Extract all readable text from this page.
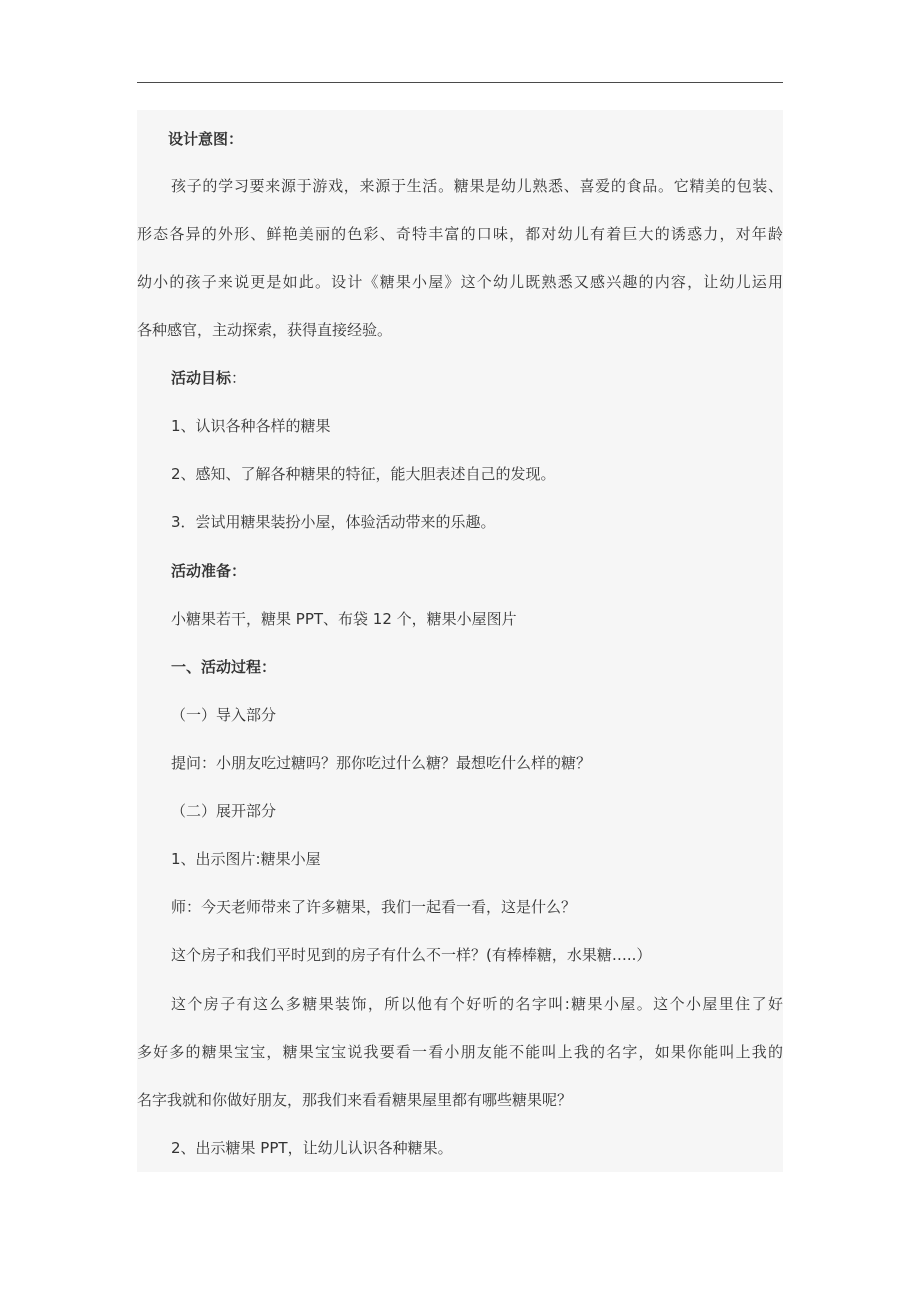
设计意图：
孩子的学习要来源于游戏，来源于生活。糖果是幼儿熟悉、喜爱的食品。它精美的包装、
形态各异的外形、鲜艳美丽的色彩、奇特丰富的口味，都对幼儿有着巨大的诱惑力，对年龄
幼小的孩子来说更是如此。设计《糖果小屋》这个幼儿既熟悉又感兴趣的内容，让幼儿运用
各种感官，主动探索，获得直接经验。
活动目标：
1、认识各种各样的糖果
2、感知、了解各种糖果的特征，能大胆表述自己的发现。
3．尝试用糖果装扮小屋，体验活动带来的乐趣。
活动准备：
小糖果若干，糖果 PPT、布袋 12 个，糖果小屋图片
一、活动过程：
（一）导入部分
提问：小朋友吃过糖吗？那你吃过什么糖？最想吃什么样的糖？
（二）展开部分
1、出示图片:糖果小屋
师：今天老师带来了许多糖果，我们一起看一看，这是什么？
这个房子和我们平时见到的房子有什么不一样？(有棒棒糖，水果糖…..）
这个房子有这么多糖果装饰，所以他有个好听的名字叫:糖果小屋。这个小屋里住了好
多好多的糖果宝宝，糖果宝宝说我要看一看小朋友能不能叫上我的名字，如果你能叫上我的
名字我就和你做好朋友，那我们来看看糖果屋里都有哪些糖果呢？
2、出示糖果 PPT，让幼儿认识各种糖果。
